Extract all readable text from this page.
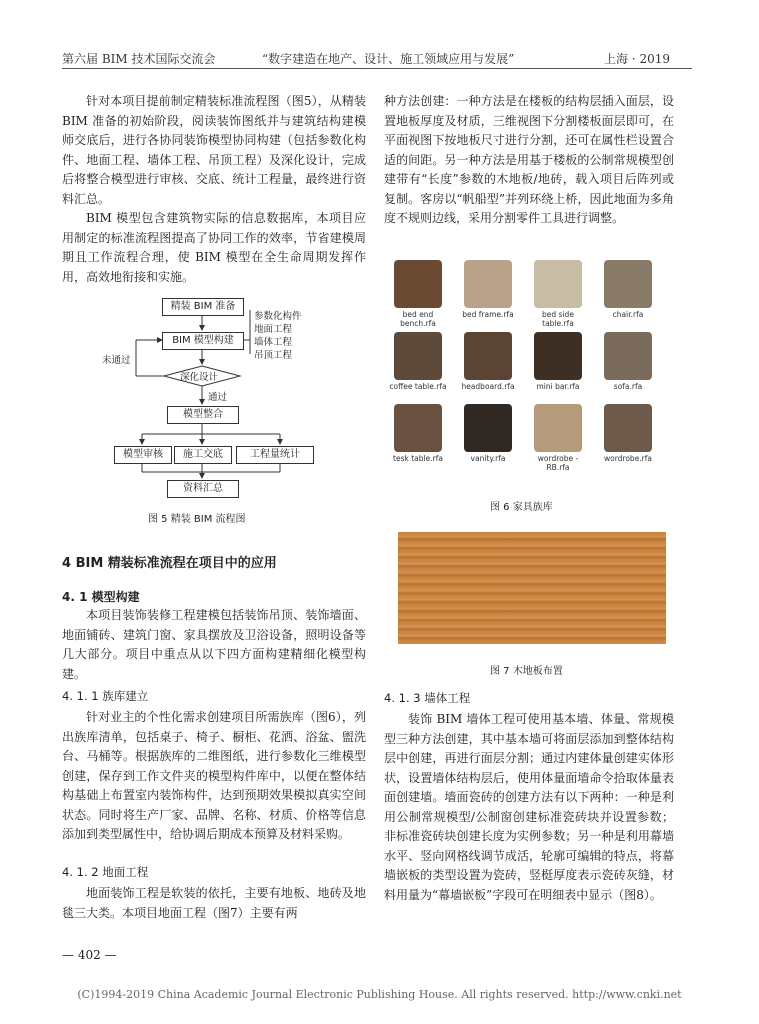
第六届 BIM 技术国际交流会	“数字建造在地产、设计、施工领域应用与发展”	上海 · 2019

针对本项目提前制定精装标准流程图（图5），从精装 BIM 准备的初始阶段，阅读装饰图纸并与建筑结构建模师交底后，进行各协同装饰模型协同构建（包括参数化构件、地面工程、墙体工程、吊顶工程）及深化设计，完成后将整合模型进行审核、交底、统计工程量，最终进行资料汇总。

BIM 模型包含建筑物实际的信息数据库，本项目应用制定的标准流程图提高了协同工作的效率，节省建模周期且工作流程合理，使 BIM 模型在全生命周期发挥作用，高效地衔接和实施。

精装 BIM 准备
BIM 模型构建
深化设计
未通过
通过
模型整合
模型审核	施工交底	工程量统计
资料汇总
参数化构件
地面工程
墙体工程
吊顶工程
图 5 精装 BIM 流程图
4 BIM 精装标准流程在项目中的应用
4. 1 模型构建

本项目装饰装修工程建模包括装饰吊顶、装饰墙面、地面铺砖、建筑门窗、家具摆放及卫浴设备，照明设备等几大部分。项目中重点从以下四方面构建精细化模型构建。

4. 1. 1 族库建立

针对业主的个性化需求创建项目所需族库（图6），列出族库清单，包括桌子、椅子、橱柜、花洒、浴盆、盥洗台、马桶等。根据族库的二维图纸，进行参数化三维模型创建，保存到工作文件夹的模型构件库中，以便在整体结构基础上布置室内装饰构件，达到预期效果模拟真实空间状态。同时将生产厂家、品牌、名称、材质、价格等信息添加到类型属性中，给协调后期成本预算及材料采购。

4. 1. 2 地面工程

地面装饰工程是软装的依托，主要有地板、地砖及地毯三大类。本项目地面工程（图7）主要有两

种方法创建：一种方法是在楼板的结构层插入面层，设置地板厚度及材质，三维视图下分割楼板面层即可，在平面视图下按地板尺寸进行分割，还可在属性栏设置合适的间距。另一种方法是用基于楼板的公制常规模型创建带有“长度”参数的木地板/地砖，载入项目后阵列或复制。客房以“帆船型”并列环绕上桥，因此地面为多角度不规则边线，采用分割零件工具进行调整。

bed end
bench.rfa
bed frame.rfa	bed side
table.rfa
chair.rfa
coffee table.rfa	headboard.rfa	mini bar.rfa	sofa.rfa
tesk table.rfa	vanity.rfa	wordrobe -
RB.rfa
wordrobe.rfa
图 6 家具族库
图 7 木地板布置
4. 1. 3 墙体工程

装饰 BIM 墙体工程可使用基本墙、体量、常规模型三种方法创建，其中基本墙可将面层添加到整体结构层中创建，再进行面层分割；通过内建体量创建实体形状，设置墙体结构层后，使用体量面墙命令拾取体量表面创建墙。墙面瓷砖的创建方法有以下两种：一种是利用公制常规模型/公制窗创建标准瓷砖块并设置参数；非标准瓷砖块创建长度为实例参数；另一种是利用幕墙水平、竖向网格线调节成活，轮廓可编辑的特点，将幕墙嵌板的类型设置为瓷砖，竖梃厚度表示瓷砖灰缝，材料用量为“幕墙嵌板”字段可在明细表中显示（图8）。

— 402 —
(C)1994-2019 China Academic Journal Electronic Publishing House. All rights reserved. http://www.cnki.net
